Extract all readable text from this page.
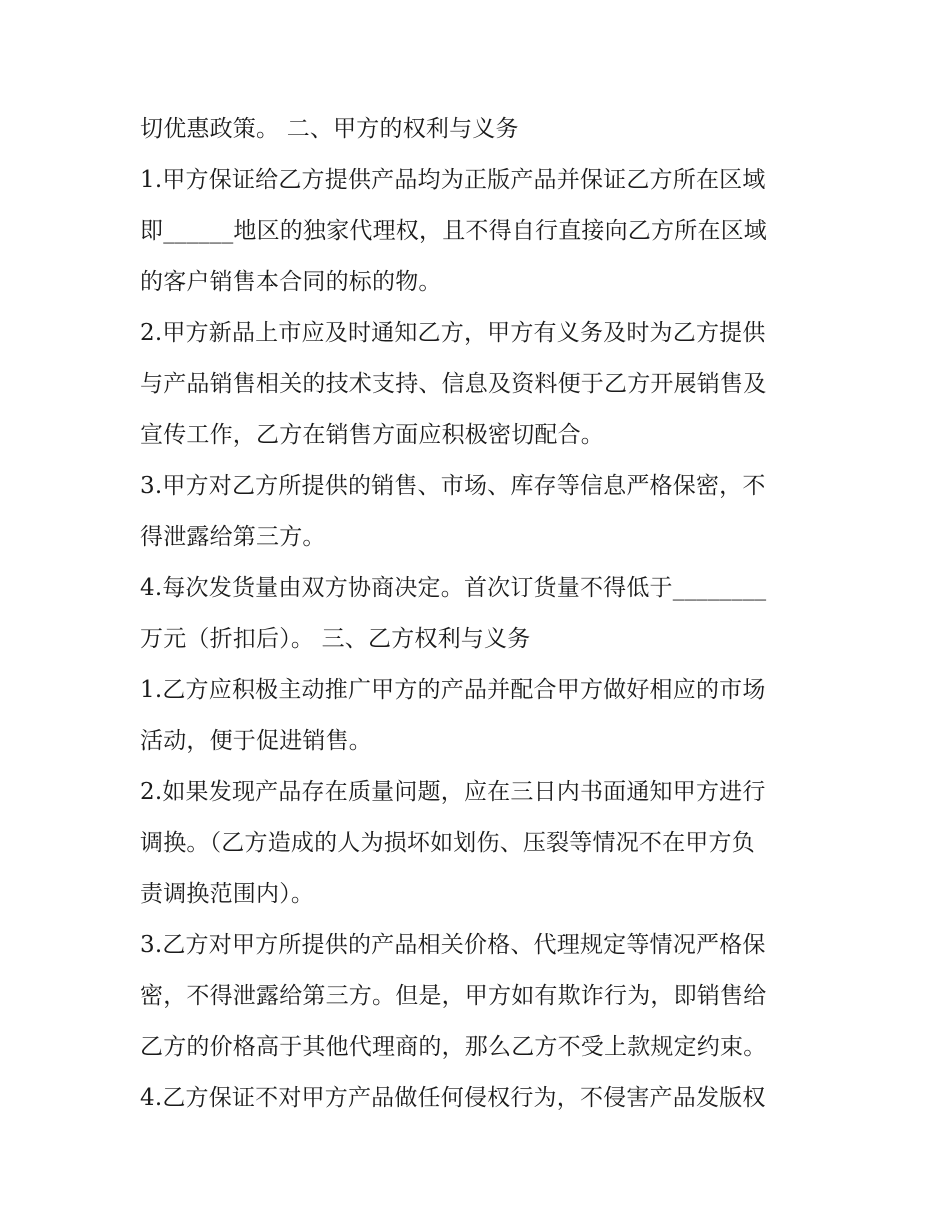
切优惠政策。 二、甲方的权利与义务
1.甲方保证给乙方提供产品均为正版产品并保证乙方所在区域
即______地区的独家代理权，且不得自行直接向乙方所在区域
的客户销售本合同的标的物。
2.甲方新品上市应及时通知乙方，甲方有义务及时为乙方提供
与产品销售相关的技术支持、信息及资料便于乙方开展销售及
宣传工作，乙方在销售方面应积极密切配合。
3.甲方对乙方所提供的销售、市场、库存等信息严格保密，不
得泄露给第三方。
4.每次发货量由双方协商决定。首次订货量不得低于________
万元（折扣后）。 三、乙方权利与义务
1.乙方应积极主动推广甲方的产品并配合甲方做好相应的市场
活动，便于促进销售。
2.如果发现产品存在质量问题，应在三日内书面通知甲方进行
调换。（乙方造成的人为损坏如划伤、压裂等情况不在甲方负
责调换范围内）。
3.乙方对甲方所提供的产品相关价格、代理规定等情况严格保
密，不得泄露给第三方。但是，甲方如有欺诈行为，即销售给
乙方的价格高于其他代理商的，那么乙方不受上款规定约束。
4.乙方保证不对甲方产品做任何侵权行为，不侵害产品发版权
